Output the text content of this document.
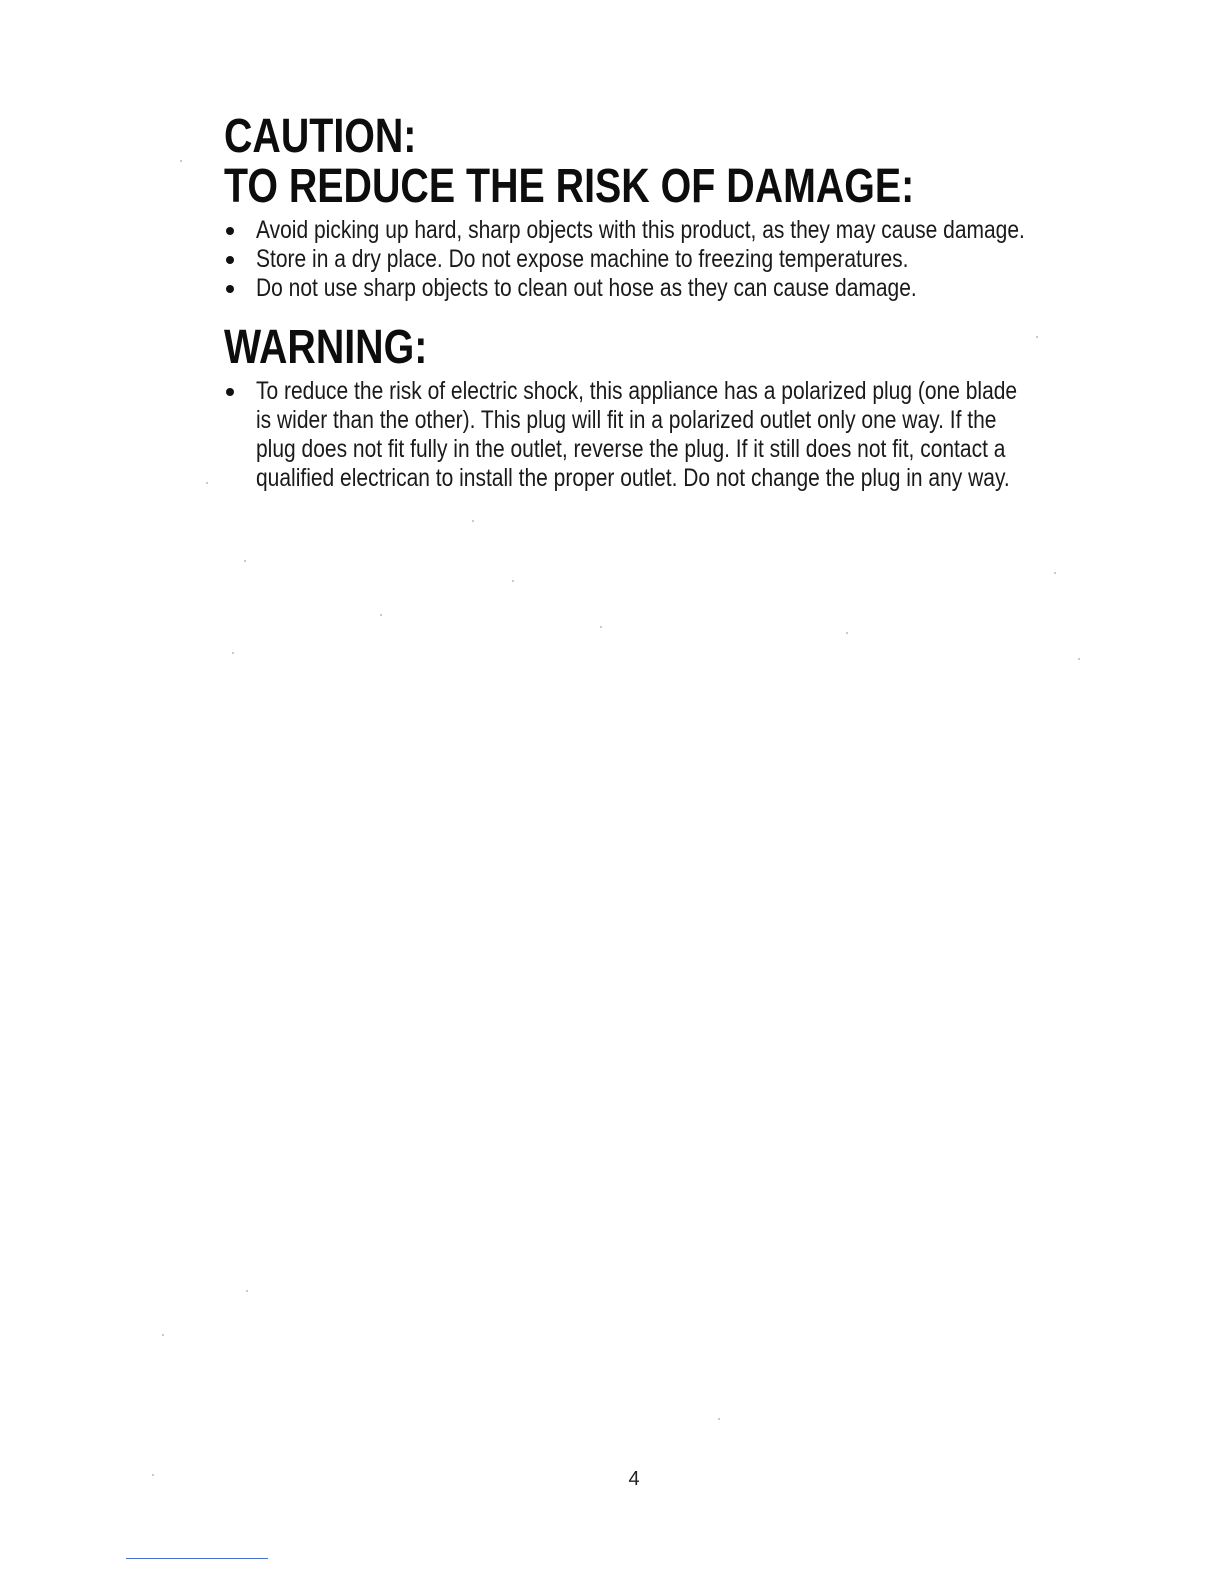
CAUTION:
TO REDUCE THE RISK OF DAMAGE:
Avoid picking up hard, sharp objects with this product, as they may cause damage.
Store in a dry place. Do not expose machine to freezing temperatures.
Do not use sharp objects to clean out hose as they can cause damage.
WARNING:
To reduce the risk of electric shock, this appliance has a polarized plug (one blade
is wider than the other). This plug will fit in a polarized outlet only one way. If the
plug does not fit fully in the outlet, reverse the plug. If it still does not fit, contact a
qualified electrican to install the proper outlet. Do not change the plug in any way.
4
